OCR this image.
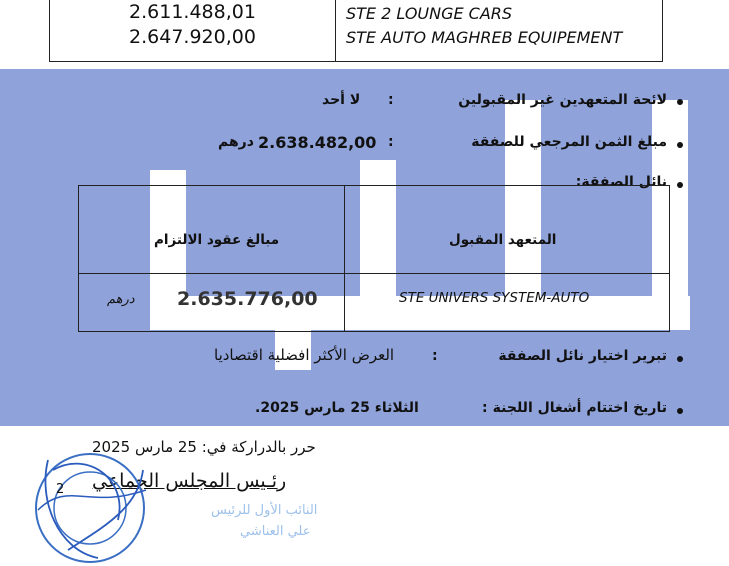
2.611.488,01
2.647.920,00
STE 2 LOUNGE CARS
STE AUTO MAGHREB EQUIPEMENT
لائحة المتعهدين غير المقبولين
:
لا أحد
مبلغ الثمن المرجعي للصفقة
:
2.638.482,00
درهم
نائل الصفقة:
المتعهد المقبول
مبالغ عقود الالتزام
STE UNIVERS SYSTEM-AUTO
2.635.776,00
درهم
تبرير اختيار نائل الصفقة
:
العرض الأكثر افضلية اقتصاديا
تاريخ اختتام أشغال اللجنة
:
الثلاثاء 25 مارس 2025.
حرر بالدراركة في: 25 مارس 2025
رئـيس المجلس الجماعي
النائب الأول للرئيس
علي العناشي
2
